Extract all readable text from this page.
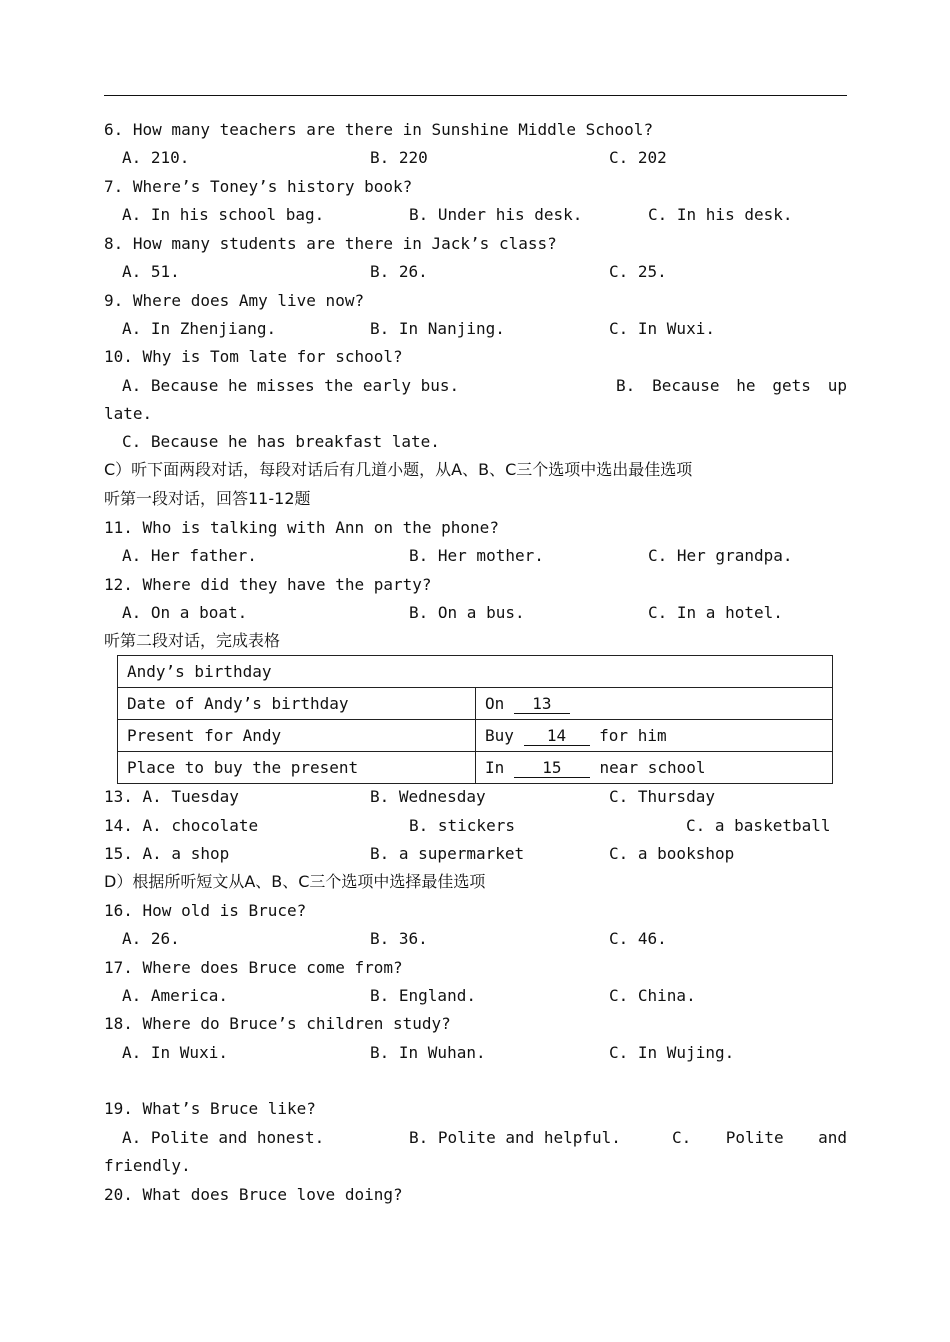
6. How many teachers are there in Sunshine Middle School?
A. 210.	B. 220	C. 202
7. Where’s Toney’s history book?
A. In his school bag.	B. Under his desk.	C. In his desk.
8. How many students are there in Jack’s class?
A. 51.	B. 26.	C. 25.
9. Where does Amy live now?
A. In Zhenjiang.	B. In Nanjing.	C. In Wuxi.
10. Why is Tom late for school?
A. Because he misses the early bus.	B. Because he gets up
late.
C. Because he has breakfast late.
C）听下面两段对话，每段对话后有几道小题，从A、B、C三个选项中选出最佳选项
听第一段对话，回答11-12题
11. Who is talking with Ann on the phone?
A. Her father.	B. Her mother.	C. Her grandpa.
12. Where did they have the party?
A. On a boat.	B. On a bus.	C. In a hotel.
听第二段对话，完成表格
Andy’s birthday	
Date of Andy’s birthday	On 13
Present for Andy	Buy 14 for him
Place to buy the present	In 15 near school
13. A. Tuesday	B. Wednesday	C. Thursday
14. A. chocolate	B. stickers	C. a basketball
15. A. a shop	B. a supermarket	C. a bookshop
D）根据所听短文从A、B、C三个选项中选择最佳选项
16. How old is Bruce?
A. 26.	B. 36.	C. 46.
17. Where does Bruce come from?
A. America.	B. England.	C. China.
18. Where do Bruce’s children study?
A. In Wuxi.	B. In Wuhan.	C. In Wujing.
19. What’s Bruce like?
A. Polite and honest.	B. Polite and helpful.	C. Polite and
friendly.
20. What does Bruce love doing?
